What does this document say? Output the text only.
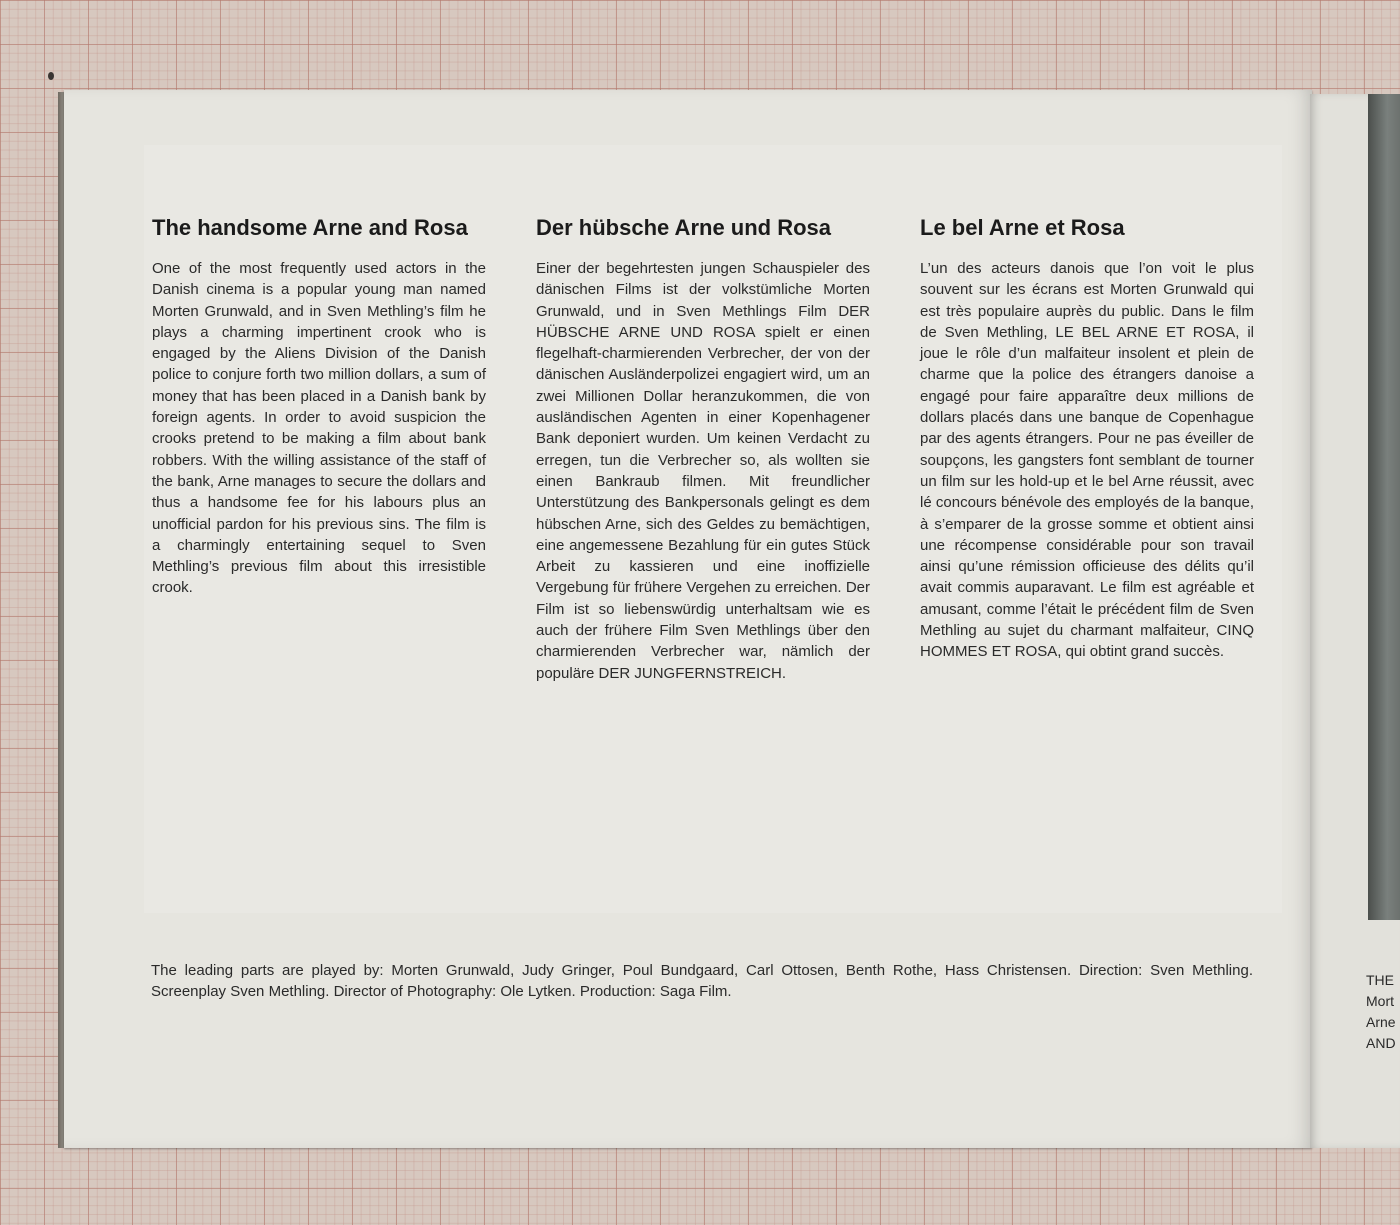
The handsome Arne and Rosa

One of the most frequently used actors in the Danish cinema is a popular young man named Morten Grunwald, and in Sven Methling’s film he plays a charming impertinent crook who is engaged by the Aliens Division of the Danish police to conjure forth two million dollars, a sum of money that has been placed in a Danish bank by foreign agents. In order to avoid suspicion the crooks pretend to be making a film about bank robbers. With the willing assistance of the staff of the bank, Arne manages to secure the dollars and thus a handsome fee for his labours plus an unofficial pardon for his previous sins. The film is a charmingly entertaining sequel to Sven Methling’s previous film about this irresistible crook.

Der hübsche Arne und Rosa

Einer der begehrtesten jungen Schauspieler des dänischen Films ist der volkstümliche Morten Grunwald, und in Sven Methlings Film DER HÜBSCHE ARNE UND ROSA spielt er einen flegelhaft-charmierenden Verbrecher, der von der dänischen Ausländerpolizei engagiert wird, um an zwei Millionen Dollar heranzukommen, die von ausländischen Agenten in einer Kopenhagener Bank deponiert wurden. Um keinen Verdacht zu erregen, tun die Verbrecher so, als wollten sie einen Bankraub filmen. Mit freundlicher Unterstützung des Bankpersonals gelingt es dem hübschen Arne, sich des Geldes zu bemächtigen, eine angemessene Bezahlung für ein gutes Stück Arbeit zu kassieren und eine inoffizielle Vergebung für frühere Vergehen zu erreichen. Der Film ist so liebenswürdig unterhaltsam wie es auch der frühere Film Sven Methlings über den charmierenden Verbrecher war, nämlich der populäre DER JUNGFERNSTREICH.

Le bel Arne et Rosa

L’un des acteurs danois que l’on voit le plus souvent sur les écrans est Morten Grunwald qui est très populaire auprès du public. Dans le film de Sven Methling, LE BEL ARNE ET ROSA, il joue le rôle d’un malfaiteur insolent et plein de charme que la police des étrangers danoise a engagé pour faire apparaître deux millions de dollars placés dans une banque de Copenhague par des agents étrangers. Pour ne pas éveiller de soupçons, les gangsters font semblant de tourner un film sur les hold-up et le bel Arne réussit, avec lé concours bénévole des employés de la banque, à s’emparer de la grosse somme et obtient ainsi une récompense considérable pour son travail ainsi qu’une rémission officieuse des délits qu’il avait commis auparavant. Le film est agréable et amusant, comme l’était le précédent film de Sven Methling au sujet du charmant malfaiteur, CINQ HOMMES ET ROSA, qui obtint grand succès.

The leading parts are played by: Morten Grunwald, Judy Gringer, Poul Bundgaard, Carl Ottosen, Benth Rothe, Hass Christensen. Direction: Sven Methling. Screenplay Sven Methling. Director of Photography: Ole Lytken. Production: Saga Film.
THE
Mort
Arne
AND
